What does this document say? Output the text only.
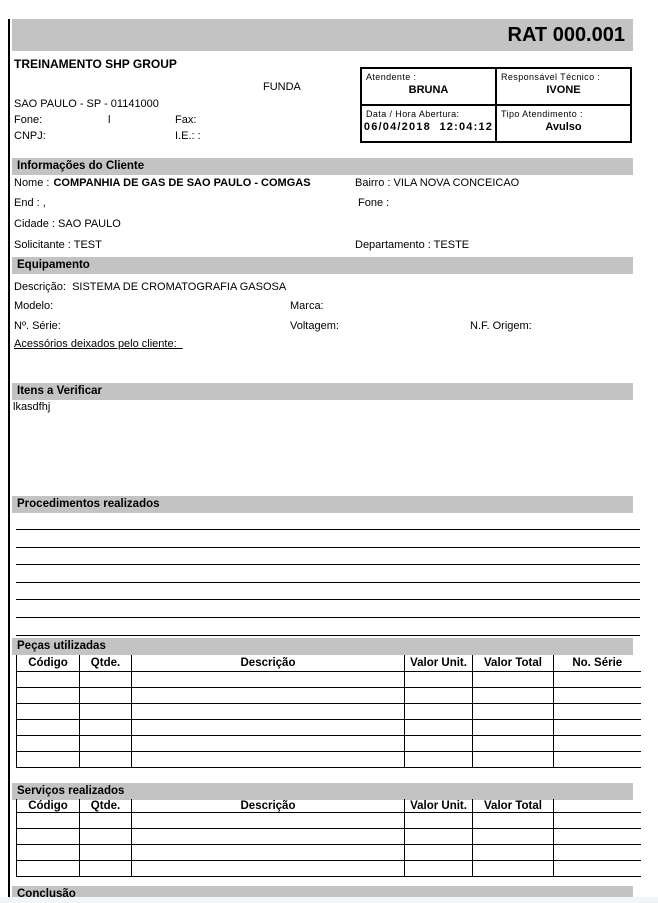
RAT 000.001
TREINAMENTO SHP GROUP
FUNDA
SAO PAULO - SP - 01141000
Fone:	l	Fax:
CNPJ:	I.E.: :
Atendente :
BRUNA

Responsável Técnico :
IVONE

Data / Hora Abertura:
06/04/2018  12:04:12

Tipo Atendimento :
Avulso
Informações do Cliente
Nome : COMPANHIA DE GAS DE SAO PAULO - COMGAS	Bairro : VILA NOVA CONCEICAO
End : ,	Fone :
Cidade : SAO PAULO
Solicitante : TEST	Departamento : TESTE
Equipamento
Descrição:  SISTEMA DE CROMATOGRAFIA GASOSA
Modelo:	Marca:
Nº. Série:	Voltagem:	N.F. Origem:
Acessórios deixados pelo cliente:
Itens a Verificar
lkasdfhj
Procedimentos realizados
Peças utilizadas
Código	Qtde.	Descrição	Valor Unit.	Valor Total	No. Série

Serviços realizados
Código	Qtde.	Descrição	Valor Unit.	Valor Total	

Conclusão
